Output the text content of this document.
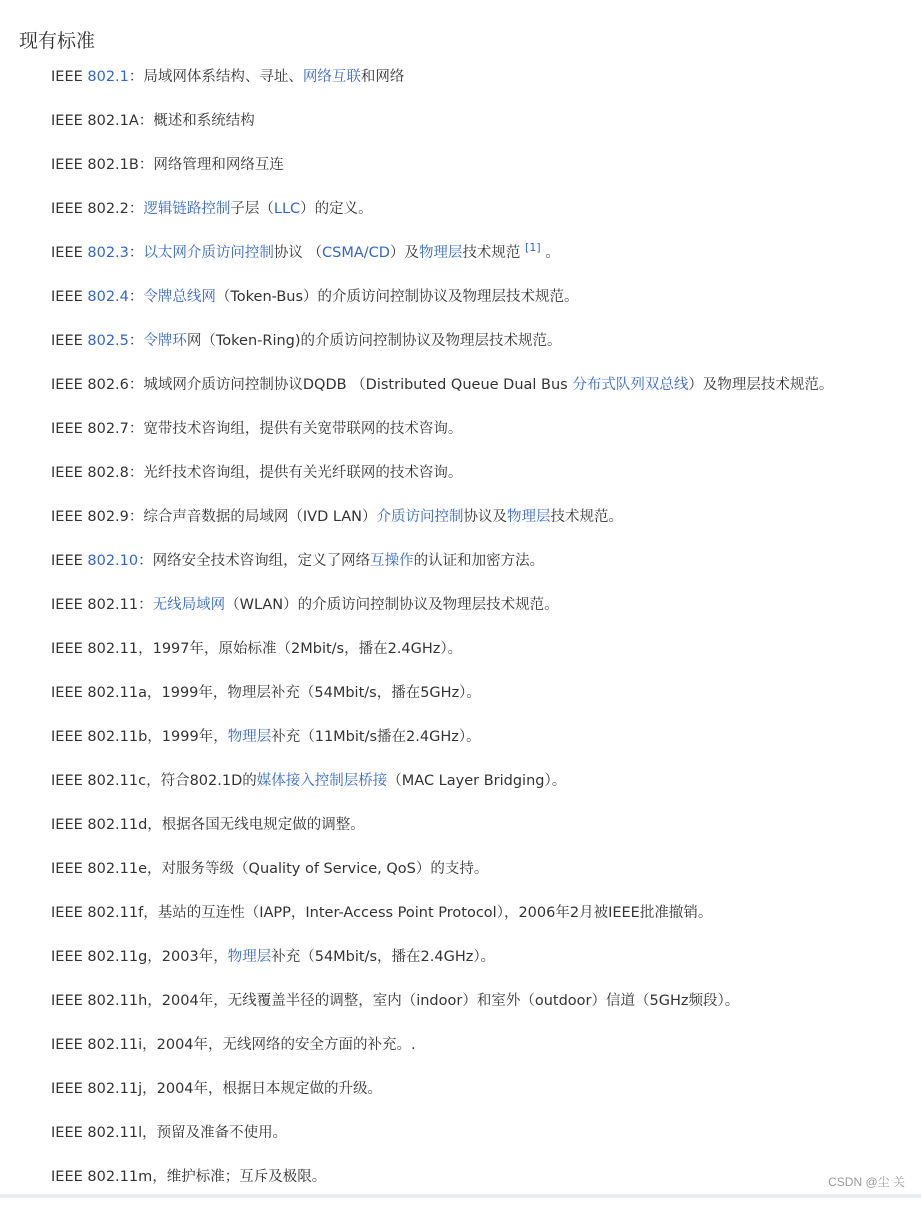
现有标准
IEEE 802.1：局域网体系结构、寻址、网络互联和网络
IEEE 802.1A：概述和系统结构
IEEE 802.1B：网络管理和网络互连
IEEE 802.2：逻辑链路控制子层（LLC）的定义。
IEEE 802.3：以太网介质访问控制协议 （CSMA/CD）及物理层技术规范 [1] 。
IEEE 802.4：令牌总线网（Token-Bus）的介质访问控制协议及物理层技术规范。
IEEE 802.5：令牌环网（Token-Ring)的介质访问控制协议及物理层技术规范。
IEEE 802.6：城域网介质访问控制协议DQDB （Distributed Queue Dual Bus 分布式队列双总线）及物理层技术规范。
IEEE 802.7：宽带技术咨询组，提供有关宽带联网的技术咨询。
IEEE 802.8：光纤技术咨询组，提供有关光纤联网的技术咨询。
IEEE 802.9：综合声音数据的局域网（IVD LAN）介质访问控制协议及物理层技术规范。
IEEE 802.10：网络安全技术咨询组，定义了网络互操作的认证和加密方法。
IEEE 802.11：无线局域网（WLAN）的介质访问控制协议及物理层技术规范。
IEEE 802.11，1997年，原始标准（2Mbit/s，播在2.4GHz）。
IEEE 802.11a，1999年，物理层补充（54Mbit/s，播在5GHz）。
IEEE 802.11b，1999年，物理层补充（11Mbit/s播在2.4GHz）。
IEEE 802.11c，符合802.1D的媒体接入控制层桥接（MAC Layer Bridging）。
IEEE 802.11d，根据各国无线电规定做的调整。
IEEE 802.11e，对服务等级（Quality of Service, QoS）的支持。
IEEE 802.11f，基站的互连性（IAPP，Inter-Access Point Protocol），2006年2月被IEEE批准撤销。
IEEE 802.11g，2003年，物理层补充（54Mbit/s，播在2.4GHz）。
IEEE 802.11h，2004年，无线覆盖半径的调整，室内（indoor）和室外（outdoor）信道（5GHz频段）。
IEEE 802.11i，2004年，无线网络的安全方面的补充。.
IEEE 802.11j，2004年，根据日本规定做的升级。
IEEE 802.11l，预留及准备不使用。
IEEE 802.11m，维护标准；互斥及极限。	CSDN @尘 关
